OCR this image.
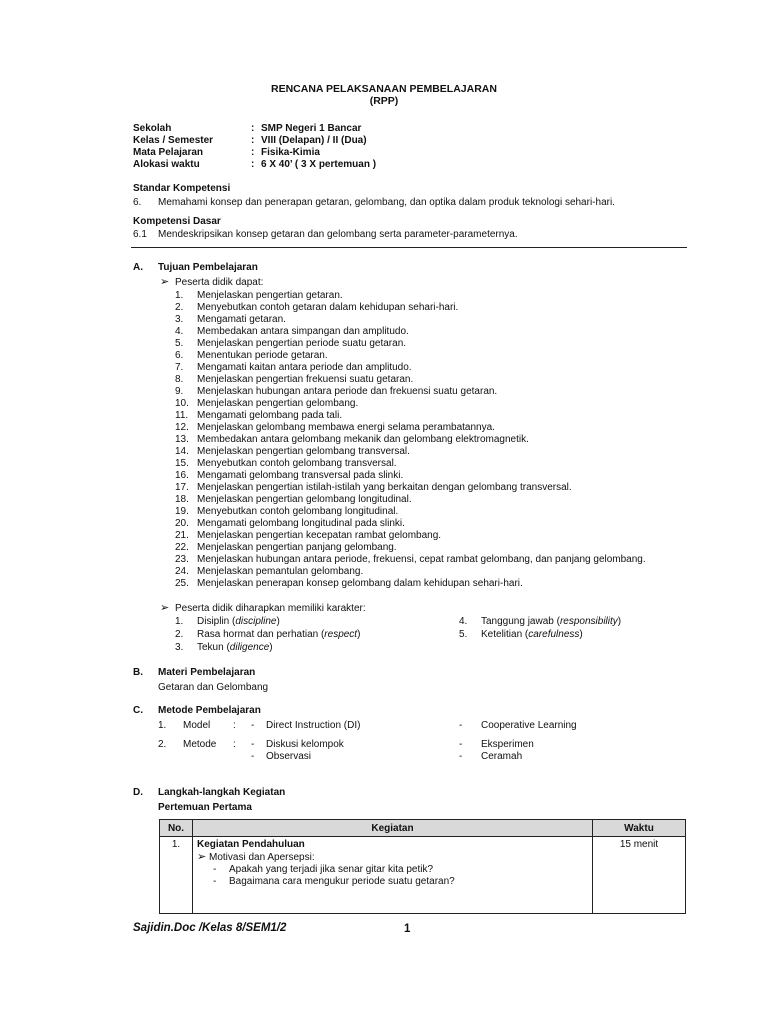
RENCANA PELAKSANAAN PEMBELAJARAN
(RPP)
Sekolah	: SMP Negeri 1 Bancar
Kelas / Semester	: VIII (Delapan) / II (Dua)
Mata Pelajaran	: Fisika-Kimia
Alokasi waktu	: 6 X 40’ ( 3 X pertemuan )
Standar Kompetensi
6. Memahami konsep dan penerapan getaran, gelombang, dan optika dalam produk teknologi sehari-hari.
Kompetensi Dasar
6.1 Mendeskripsikan konsep getaran dan gelombang serta parameter-parameternya.
A. Tujuan Pembelajaran
➢ Peserta didik dapat:
1. Menjelaskan pengertian getaran.
2. Menyebutkan contoh getaran dalam kehidupan sehari-hari.
3. Mengamati getaran.
4. Membedakan antara simpangan dan amplitudo.
5. Menjelaskan pengertian periode suatu getaran.
6. Menentukan periode getaran.
7. Mengamati kaitan antara periode dan amplitudo.
8. Menjelaskan pengertian frekuensi suatu getaran.
9. Menjelaskan hubungan antara periode dan frekuensi suatu getaran.
10. Menjelaskan pengertian gelombang.
11. Mengamati gelombang pada tali.
12. Menjelaskan gelombang membawa energi selama perambatannya.
13. Membedakan antara gelombang mekanik dan gelombang elektromagnetik.
14. Menjelaskan pengertian gelombang transversal.
15. Menyebutkan contoh gelombang transversal.
16. Mengamati gelombang transversal pada slinki.
17. Menjelaskan pengertian istilah-istilah yang berkaitan dengan gelombang transversal.
18. Menjelaskan pengertian gelombang longitudinal.
19. Menyebutkan contoh gelombang longitudinal.
20. Mengamati gelombang longitudinal pada slinki.
21. Menjelaskan pengertian kecepatan rambat gelombang.
22. Menjelaskan pengertian panjang gelombang.
23. Menjelaskan hubungan antara periode, frekuensi, cepat rambat gelombang, dan panjang gelombang.
24. Menjelaskan pemantulan gelombang.
25. Menjelaskan penerapan konsep gelombang dalam kehidupan sehari-hari.
➢ Peserta didik diharapkan memiliki karakter:
1. Disiplin (discipline)
2. Rasa hormat dan perhatian (respect)
3. Tekun (diligence)
4. Tanggung jawab (responsibility)
5. Ketelitian (carefulness)
B. Materi Pembelajaran
Getaran dan Gelombang
C. Metode Pembelajaran
1. Model : - Direct Instruction (DI)	- Cooperative Learning
2. Metode : - Diskusi kelompok	- Eksperimen
- Observasi	- Ceramah
D. Langkah-langkah Kegiatan
Pertemuan Pertama
No.	Kegiatan	Waktu
1.	Kegiatan Pendahuluan
➢ Motivasi dan Apersepsi:
- Apakah yang terjadi jika senar gitar kita petik?
- Bagaimana cara mengukur periode suatu getaran?	15 menit
Sajidin.Doc /Kelas 8/SEM1/2	1
